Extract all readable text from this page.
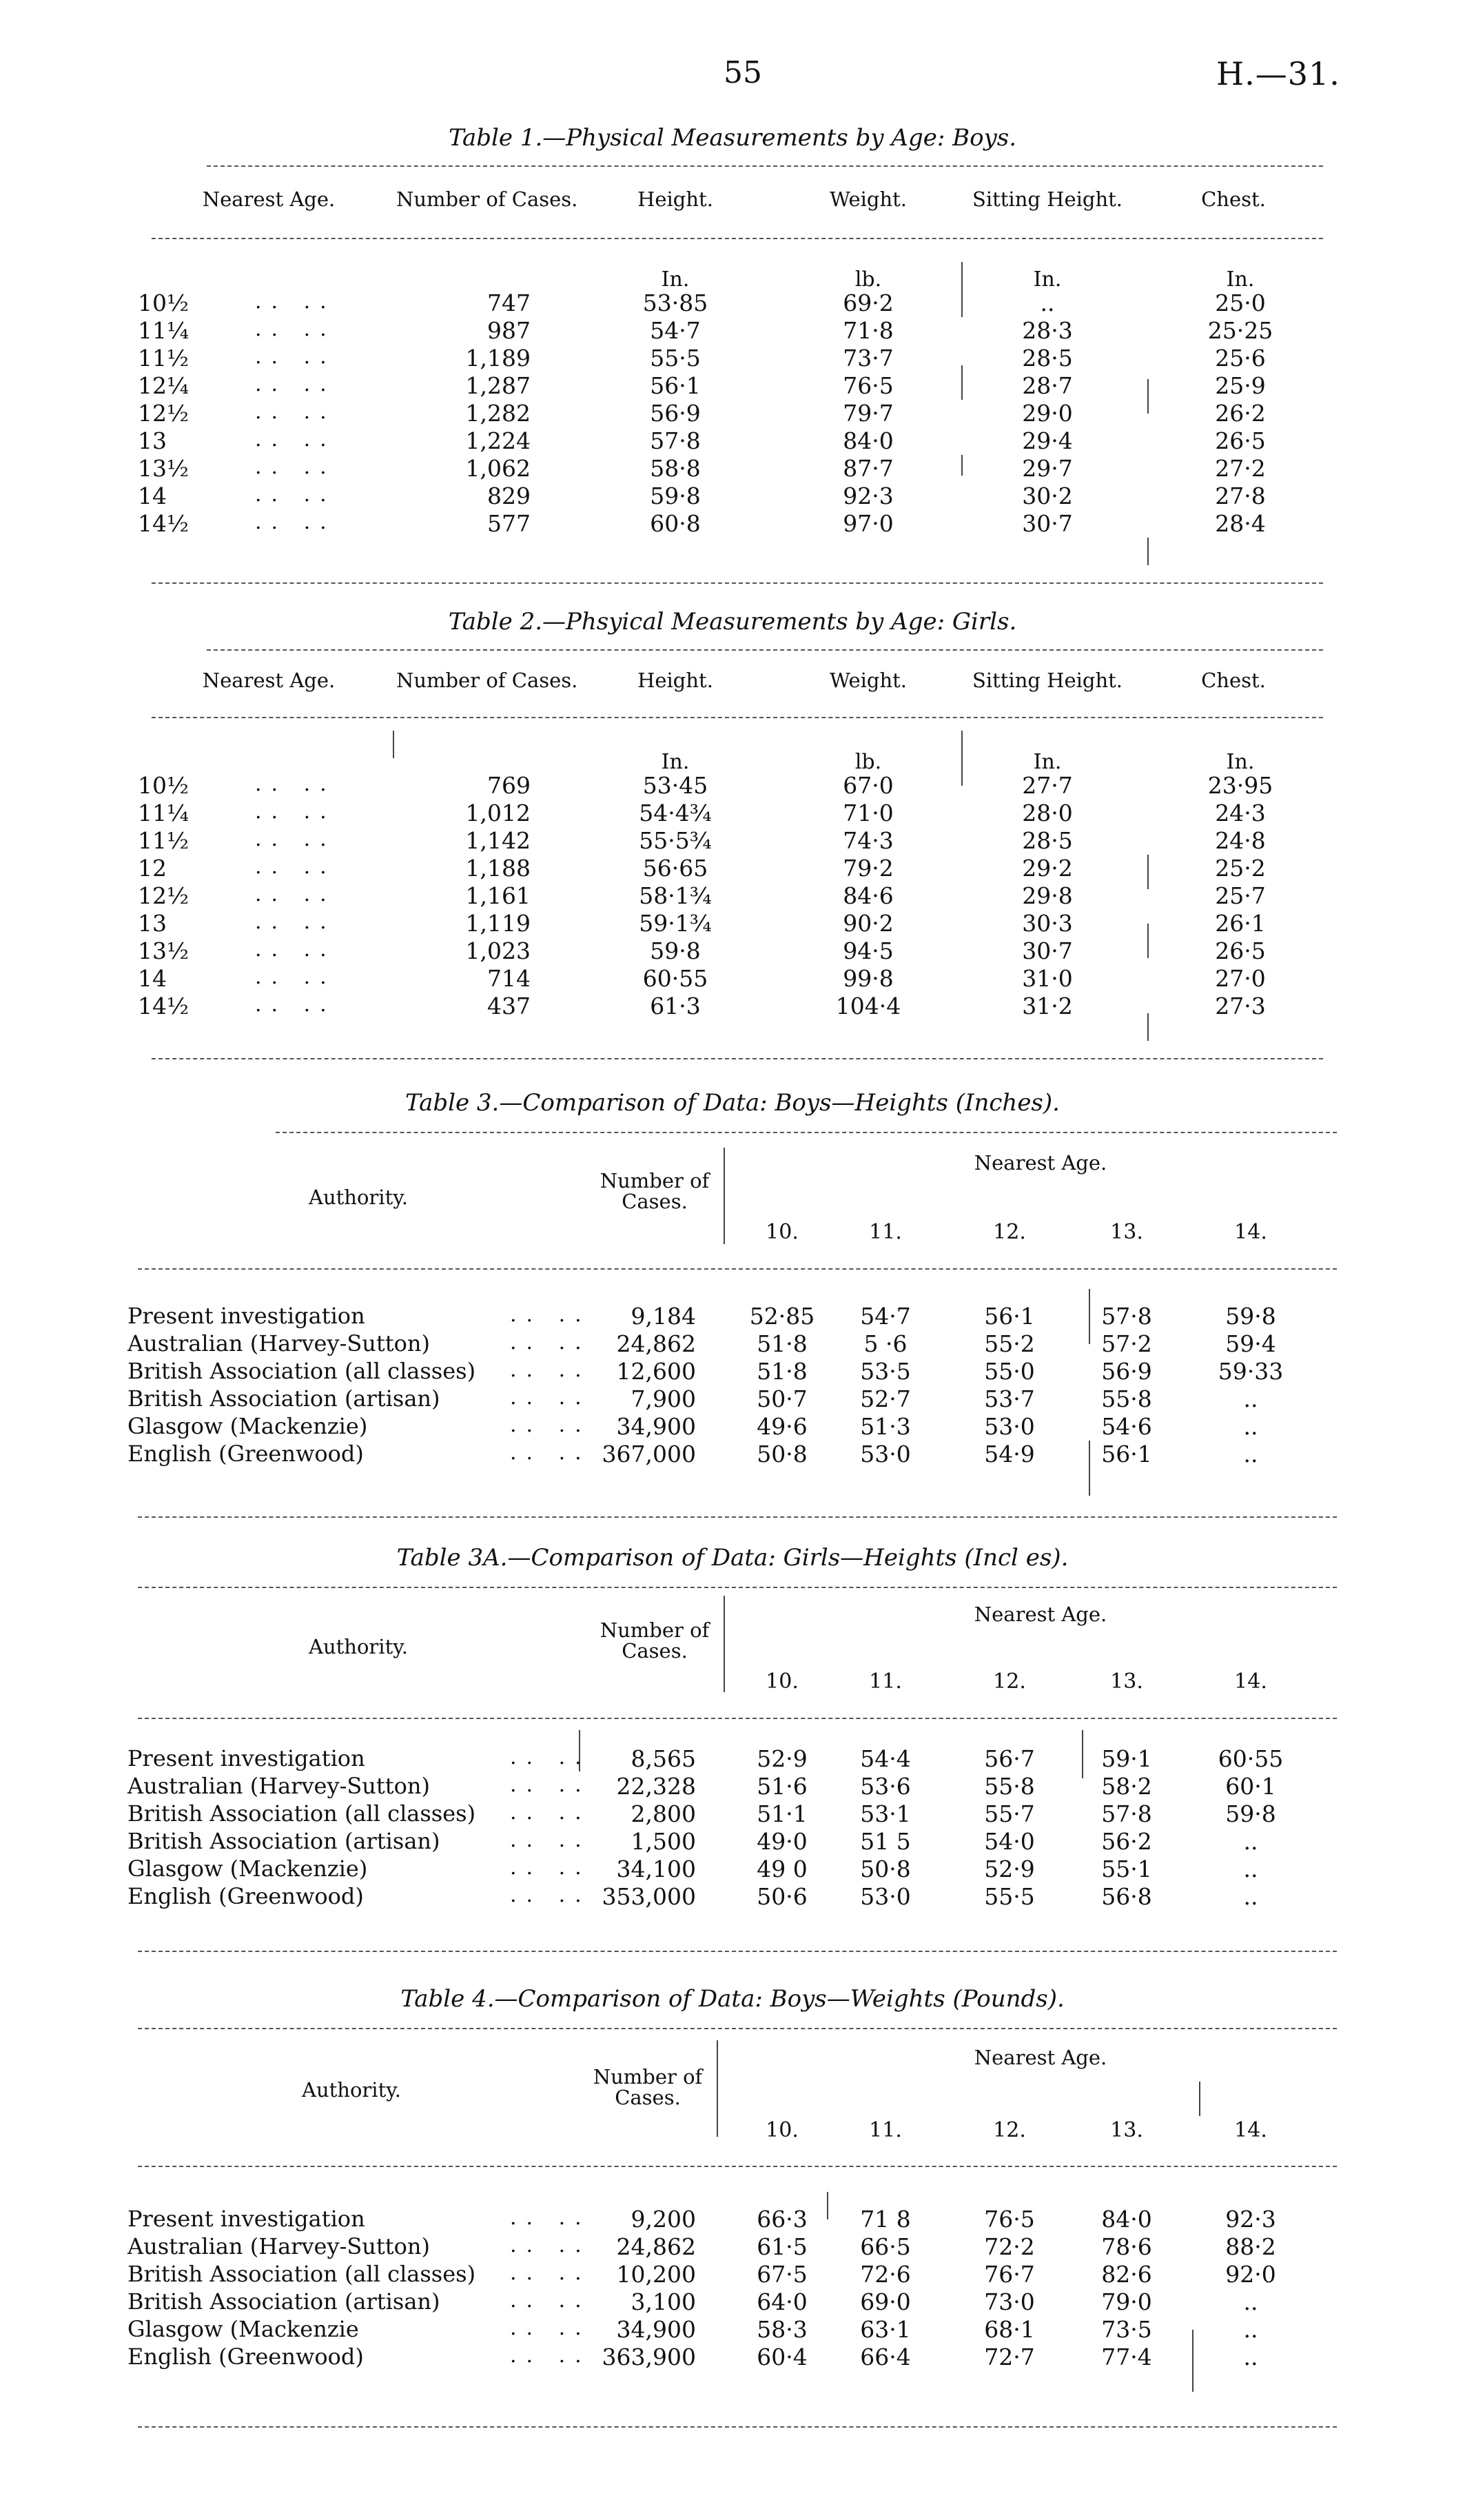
55	H.—31.
Table 1.—Physical Measurements by Age: Boys.
Nearest Age.	Number of Cases.	Height.	Weight.	Sitting Height.	Chest.
In.	lb.	In.	In.
10½	.. ..	747	53·85	69·2	..	25·0
11¼	.. ..	987	54·7	71·8	28·3	25·25
11½	.. ..	1,189	55·5	73·7	28·5	25·6
12¼	.. ..	1,287	56·1	76·5	28·7	25·9
12½	.. ..	1,282	56·9	79·7	29·0	26·2
13	.. ..	1,224	57·8	84·0	29·4	26·5
13½	.. ..	1,062	58·8	87·7	29·7	27·2
14	.. ..	829	59·8	92·3	30·2	27·8
14½	.. ..	577	60·8	97·0	30·7	28·4
Table 2.—Phsyical Measurements by Age: Girls.
Nearest Age.	Number of Cases.	Height.	Weight.	Sitting Height.	Chest.
In.	lb.	In.	In.
10½	.. ..	769	53·45	67·0	27·7	23·95
11¼	.. ..	1,012	54·4¾	71·0	28·0	24·3
11½	.. ..	1,142	55·5¾	74·3	28·5	24·8
12	.. ..	1,188	56·65	79·2	29·2	25·2
12½	.. ..	1,161	58·1¾	84·6	29·8	25·7
13	.. ..	1,119	59·1¾	90·2	30·3	26·1
13½	.. ..	1,023	59·8	94·5	30·7	26·5
14	.. ..	714	60·55	99·8	31·0	27·0
14½	.. ..	437	61·3	104·4	31·2	27·3
Table 3.—Comparison of Data: Boys—Heights (Inches).
Authority.
Number of Cases.
Nearest Age.
10.	11.	12.	13.	14.
Present investigation	.. ..	9,184	52·85	54·7	56·1	57·8	59·8
Australian (Harvey-Sutton)	.. ..	24,862	51·8	5 ·6	55·2	57·2	59·4
British Association (all classes) .. ..	12,600	51·8	53·5	55·0	56·9	59·33
British Association (artisan)	.. ..	7,900	50·7	52·7	53·7	55·8	..
Glasgow (Mackenzie)	.. ..	34,900	49·6	51·3	53·0	54·6	..
English (Greenwood)	.. .. 367,000	50·8	53·0	54·9	56·1	..
Table 3A.—Comparison of Data: Girls—Heights (Incl es).
Authority.
Number of Cases.
Nearest Age.
10.	11.	12.	13.	14.
Present investigation	.. ..	8,565	52·9	54·4	56·7	59·1	60·55
Australian (Harvey-Sutton)	.. ..	22,328	51·6	53·6	55·8	58·2	60·1
British Association (all classes) .. ..	2,800	51·1	53·1	55·7	57·8	59·8
British Association (artisan)	.. ..	1,500	49·0	51 5	54·0	56·2	..
Glasgow (Mackenzie)	.. ..	34,100	49 0	50·8	52·9	55·1	..
English (Greenwood)	.. .. 353,000	50·6	53·0	55·5	56·8	..
Table 4.—Comparison of Data: Boys—Weights (Pounds).
Authority.
Number of Cases.
Nearest Age.
10.	11.	12.	13.	14.
Present investigation	.. ..	9,200	66·3	71 8	76·5	84·0	92·3
Australian (Harvey-Sutton)	.. ..	24,862	61·5	66·5	72·2	78·6	88·2
British Association (all classes) .. ..	10,200	67·5	72·6	76·7	82·6	92·0
British Association (artisan)	.. ..	3,100	64·0	69·0	73·0	79·0	..
Glasgow (Mackenzie	.. ..	34,900	58·3	63·1	68·1	73·5	..
English (Greenwood)	.. .. 363,900	60·4	66·4	72·7	77·4	..
